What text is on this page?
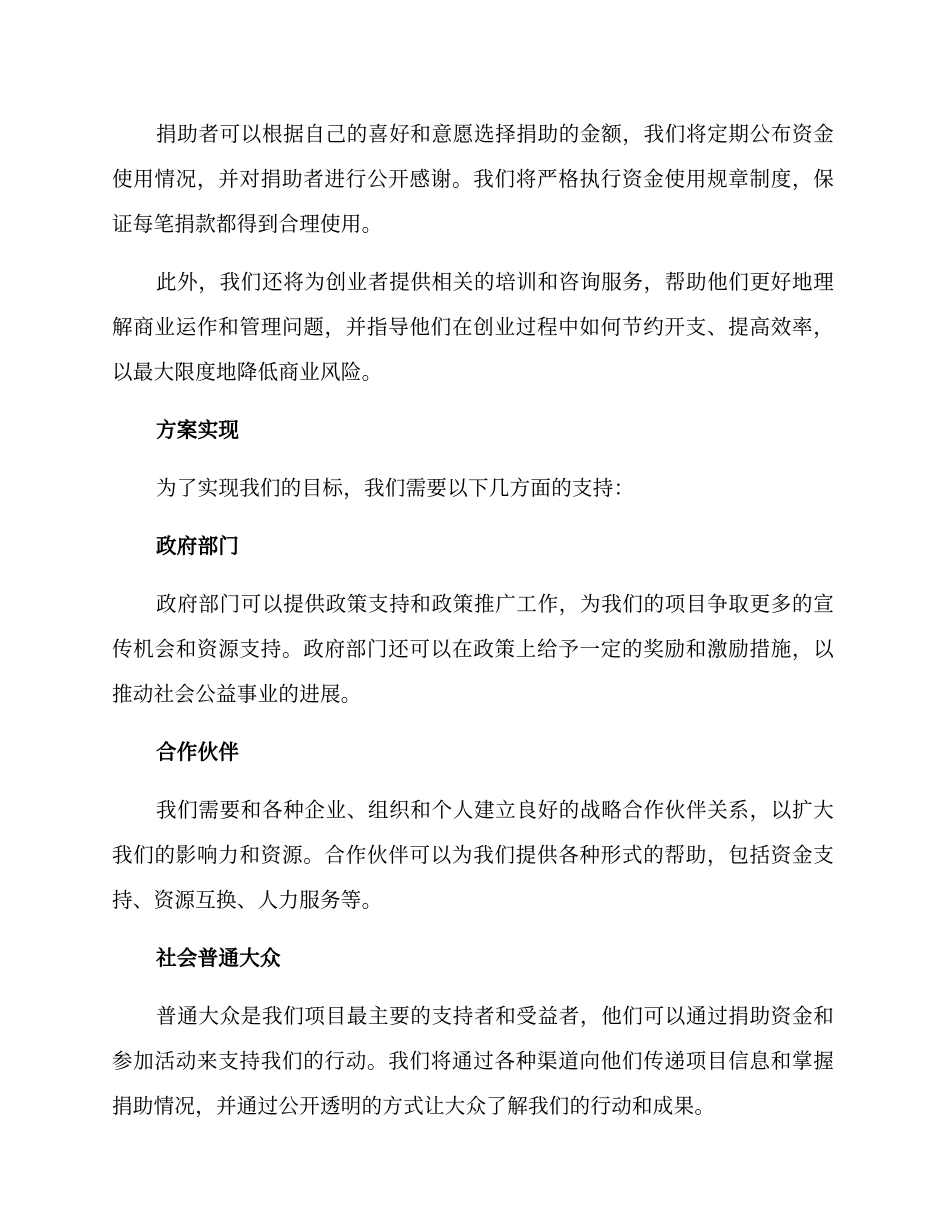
捐助者可以根据自己的喜好和意愿选择捐助的金额，我们将定期公布资金使用情况，并对捐助者进行公开感谢。我们将严格执行资金使用规章制度，保证每笔捐款都得到合理使用。

此外，我们还将为创业者提供相关的培训和咨询服务，帮助他们更好地理解商业运作和管理问题，并指导他们在创业过程中如何节约开支、提高效率，以最大限度地降低商业风险。

方案实现

为了实现我们的目标，我们需要以下几方面的支持：

政府部门

政府部门可以提供政策支持和政策推广工作，为我们的项目争取更多的宣传机会和资源支持。政府部门还可以在政策上给予一定的奖励和激励措施，以推动社会公益事业的进展。

合作伙伴

我们需要和各种企业、组织和个人建立良好的战略合作伙伴关系，以扩大我们的影响力和资源。合作伙伴可以为我们提供各种形式的帮助，包括资金支持、资源互换、人力服务等。

社会普通大众

普通大众是我们项目最主要的支持者和受益者，他们可以通过捐助资金和参加活动来支持我们的行动。我们将通过各种渠道向他们传递项目信息和掌握捐助情况，并通过公开透明的方式让大众了解我们的行动和成果。
